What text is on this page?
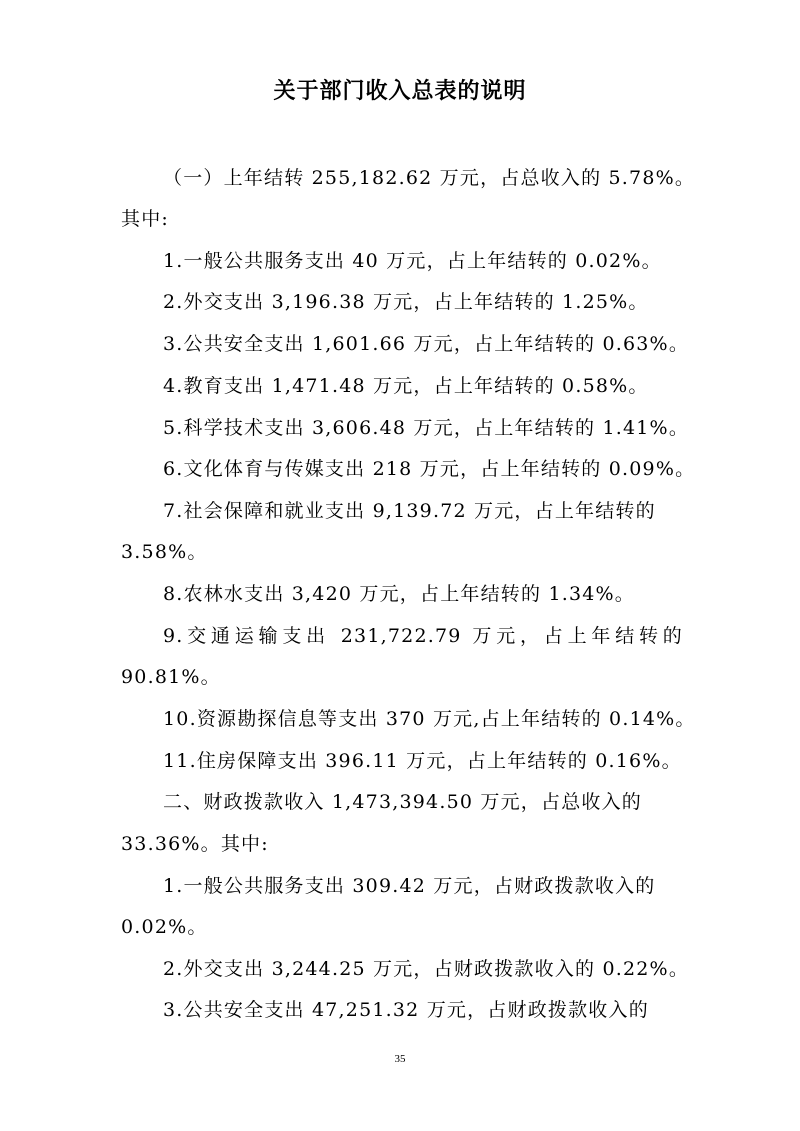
关于部门收入总表的说明
（一）上年结转 255,182.62 万元，占总收入的 5.78%。
其中:
1.一般公共服务支出 40 万元，占上年结转的 0.02%。
2.外交支出 3,196.38 万元，占上年结转的 1.25%。
3.公共安全支出 1,601.66 万元，占上年结转的 0.63%。
4.教育支出 1,471.48 万元，占上年结转的 0.58%。
5.科学技术支出 3,606.48 万元，占上年结转的 1.41%。
6.文化体育与传媒支出 218 万元，占上年结转的 0.09%。
7.社会保障和就业支出 9,139.72 万元，占上年结转的
3.58%。
8.农林水支出 3,420 万元，占上年结转的 1.34%。
9.交通运输支出 231,722.79 万元，占上年结转的
90.81%。
10.资源勘探信息等支出 370 万元,占上年结转的 0.14%。
11.住房保障支出 396.11 万元，占上年结转的 0.16%。
二、财政拨款收入 1,473,394.50 万元，占总收入的
33.36%。其中:
1.一般公共服务支出 309.42 万元，占财政拨款收入的
0.02%。
2.外交支出 3,244.25 万元，占财政拨款收入的 0.22%。
3.公共安全支出 47,251.32 万元，占财政拨款收入的
35
